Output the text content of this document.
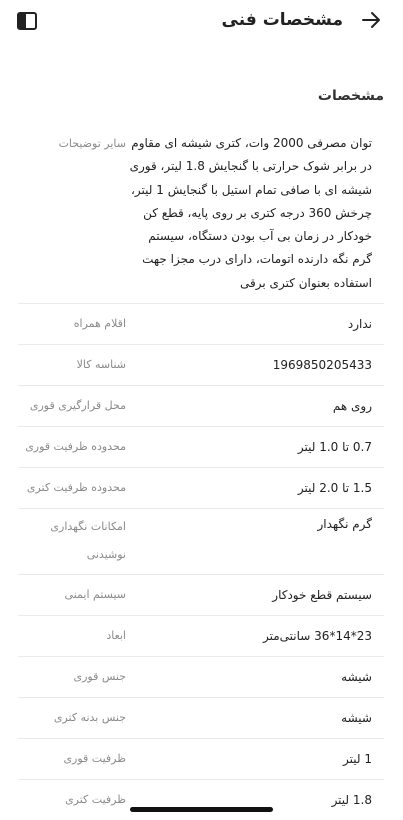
مشخصات فنی
مشخصات
توان مصرفی 2000 وات، کتری شیشه ای مقاوم در برابر شوک حرارتی با گنجایش 1.8 لیتر، قوری شیشه ای با صافی تمام استیل با گنجایش 1 لیتر، چرخش 360 درجه کتری بر روی پایه، قطع کن خودکار در زمان بی آب بودن دستگاه، سیستم گرم نگه دارنده اتومات، دارای درب مجزا جهت استفاده بعنوان کتری برقی
سایر توضیحات
ندارد
اقلام همراه
1969850205433
شناسه کالا
روی هم
محل قرارگیری قوری
0.7 تا 1.0 لیتر
محدوده ظرفیت قوری
1.5 تا 2.0 لیتر
محدوده ظرفیت کتری
گرم نگهدار
امکانات نگهداری نوشیدنی
سیستم قطع خودکار
سیستم ایمنی
23*14*36 سانتی‌متر
ابعاد
شیشه
جنس قوری
شیشه
جنس بدنه کتری
1 لیتر
ظرفیت قوری
1.8 لیتر
ظرفیت کتری
